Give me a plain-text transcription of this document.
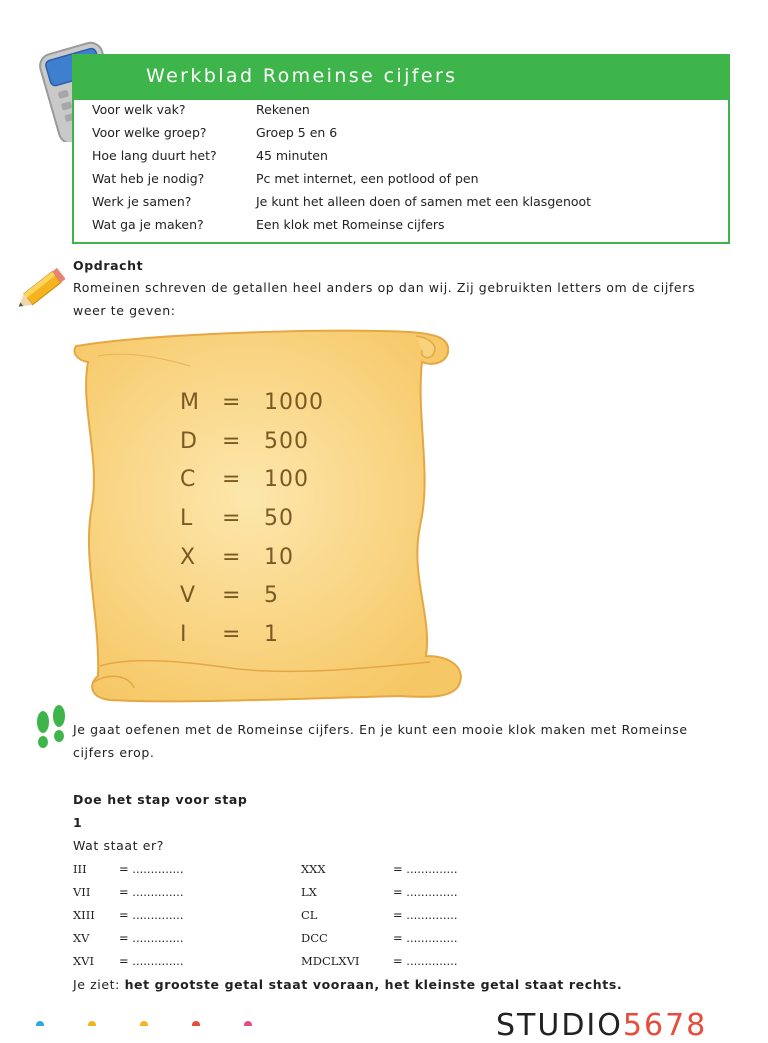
Werkblad Romeinse cijfers
Voor welk vak?	Rekenen
Voor welke groep?	Groep 5 en 6
Hoe lang duurt het?	45 minuten
Wat heb je nodig?	Pc met internet, een potlood of pen
Werk je samen?	Je kunt het alleen doen of samen met een klasgenoot
Wat ga je maken?	Een klok met Romeinse cijfers
Opdracht
Romeinen schreven de getallen heel anders op dan wij. Zij gebruikten letters om de cijfers
weer te geven:
M = 1000
D = 500
C = 100
L = 50
X = 10
V = 5
I = 1
Je gaat oefenen met de Romeinse cijfers. En je kunt een mooie klok maken met Romeinse
cijfers erop.
Doe het stap voor stap
1
Wat staat er?
III	= ..............	XXX	= ..............
VII = ..............	LX	= ..............
XIII = ..............	CL	= ..............
XV	= ..............	DCC	= ..............
XVI = ..............	MDCLXVI	= ..............
Je ziet: het grootste getal staat vooraan, het kleinste getal staat rechts.
STUDIO5678
